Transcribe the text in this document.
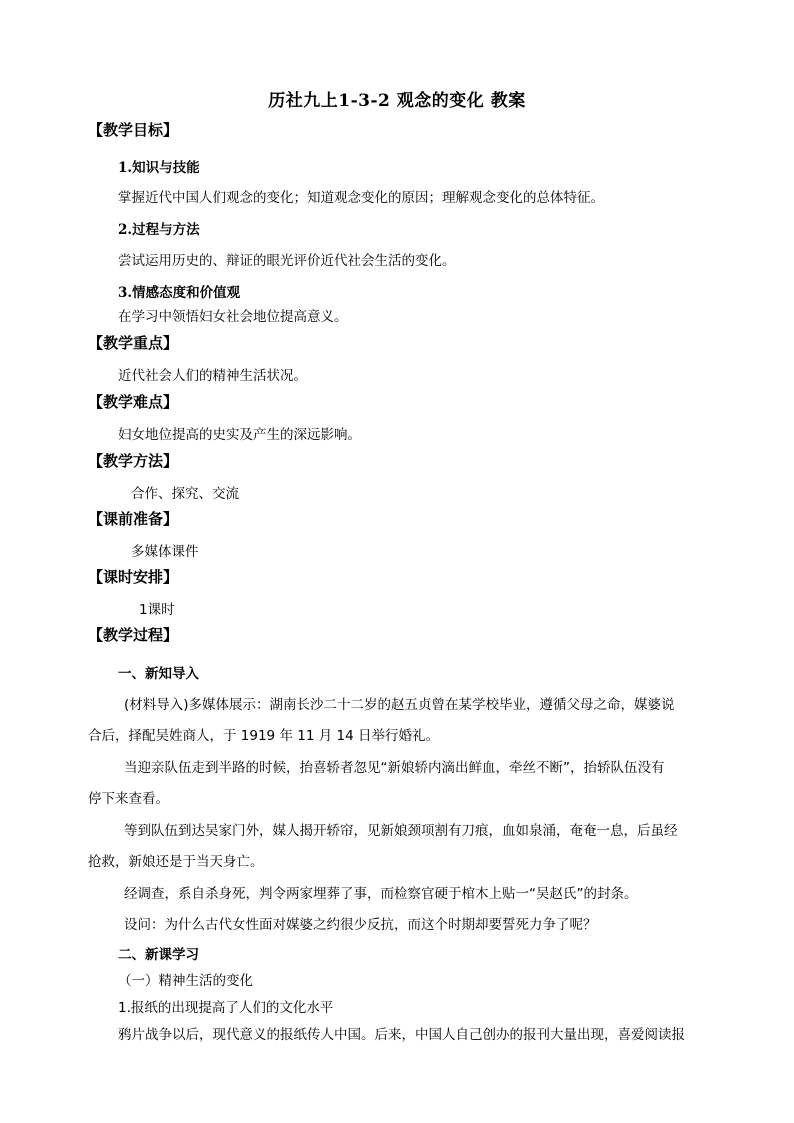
历社九上1-3-2 观念的变化 教案
【教学目标】
1.知识与技能
掌握近代中国人们观念的变化；知道观念变化的原因；理解观念变化的总体特征。
2.过程与方法
尝试运用历史的、辩证的眼光评价近代社会生活的变化。
3.情感态度和价值观
在学习中领悟妇女社会地位提高意义。
【教学重点】
近代社会人们的精神生活状况。
【教学难点】
妇女地位提高的史实及产生的深远影响。
【教学方法】
合作、探究、交流
【课前准备】
多媒体课件
【课时安排】
1课时
【教学过程】
一、新知导入
(材料导入)多媒体展示：湖南长沙二十二岁的赵五贞曾在某学校毕业，遵循父母之命，媒婆说
合后，择配吴姓商人，于 1919 年 11 月 14 日举行婚礼。
当迎亲队伍走到半路的时候，抬喜轿者忽见“新娘轿内滴出鲜血，牵丝不断”，抬轿队伍没有
停下来查看。
等到队伍到达吴家门外，媒人揭开轿帘，见新娘颈项割有刀痕，血如泉涌，奄奄一息，后虽经
抢救，新娘还是于当天身亡。
经调查，系自杀身死，判令两家埋葬了事，而检察官硬于棺木上贴一“吴赵氏”的封条。
设问：为什么古代女性面对媒婆之约很少反抗，而这个时期却要誓死力争了呢？
二、新课学习
（一）精神生活的变化
1.报纸的出现提高了人们的文化水平
鸦片战争以后，现代意义的报纸传人中国。后来，中国人自己创办的报刊大量出现，喜爱阅读报
